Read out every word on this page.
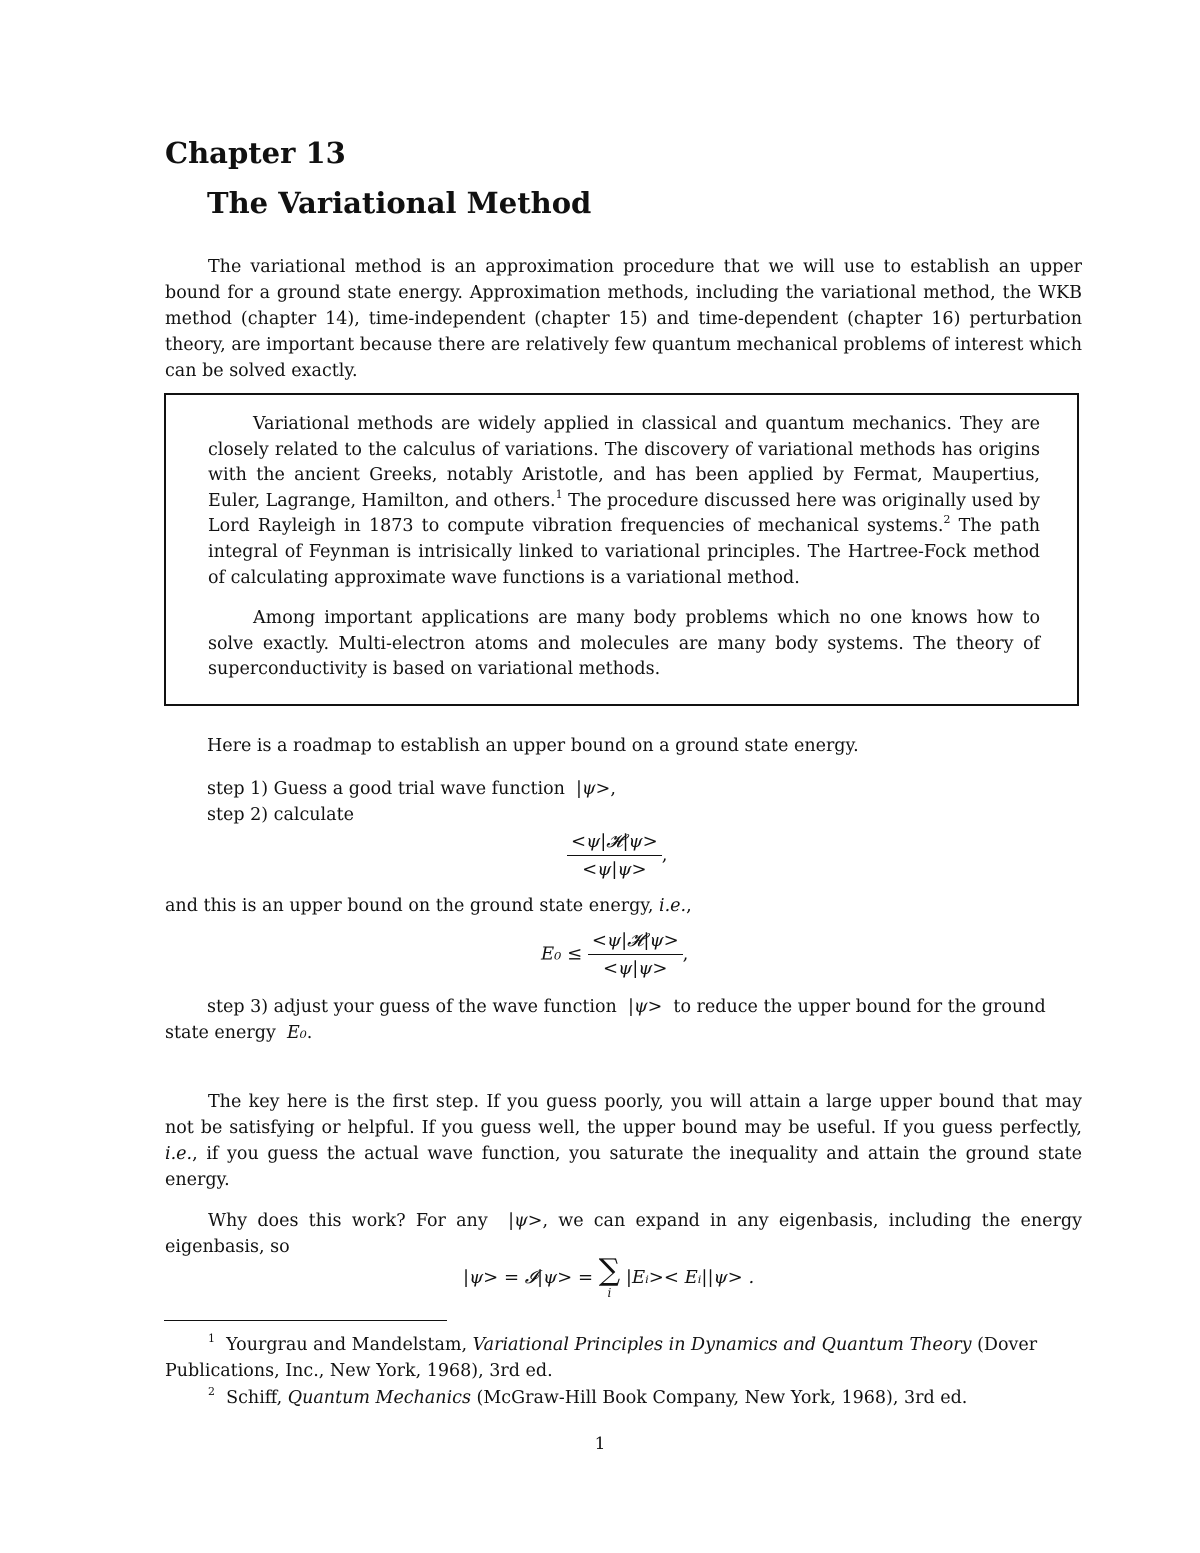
Chapter 13
The Variational Method

The variational method is an approximation procedure that we will use to establish an upper bound for a ground state energy. Approximation methods, including the variational method, the WKB method (chapter 14), time-independent (chapter 15) and time-dependent (chapter 16) perturbation theory, are important because there are relatively few quantum mechanical problems of interest which can be solved exactly.

Variational methods are widely applied in classical and quantum mechanics. They are closely related to the calculus of variations. The discovery of variational methods has origins with the ancient Greeks, notably Aristotle, and has been applied by Fermat, Maupertius, Euler, Lagrange, Hamilton, and others.$^1$ The procedure discussed here was originally used by Lord Rayleigh in 1873 to compute vibration frequencies of mechanical systems.$^2$ The path integral of Feynman is intrisically linked to variational principles. The Hartree-Fock method of calculating approximate wave functions is a variational method.

Among important applications are many body problems which no one knows how to solve exactly. Multi-electron atoms and molecules are many body systems. The theory of superconductivity is based on variational methods.

Here is a roadmap to establish an upper bound on a ground state energy.
step 1) Guess a good trial wave function |ψ>,
step 2) calculate
$\frac{\text{<ψ|𝓗|ψ>}}{<\psi|\psi>}$ ,
and this is an upper bound on the ground state energy, i.e.,
$E_0 \le \frac{\text{<ψ|𝓗|ψ>}}{<\psi|\psi>}$ ,
step 3) adjust your guess of the wave function |ψ> to reduce the upper bound for the ground
state energy E₀.

The key here is the first step. If you guess poorly, you will attain a large upper bound that may not be satisfying or helpful. If you guess well, the upper bound may be useful. If you guess perfectly, i.e., if you guess the actual wave function, you saturate the inequality and attain the ground state energy.

Why does this work? For any |ψ>, we can expand in any eigenbasis, including the energy eigenbasis, so

|ψ> = 𝓘|ψ> = ∑
i
|Eᵢ>< Eᵢ||ψ> .

$^1$ Yourgrau and Mandelstam, Variational Principles in Dynamics and Quantum Theory (Dover Publications, Inc., New York, 1968), 3rd ed.

$^2$ Schiff, Quantum Mechanics (McGraw-Hill Book Company, New York, 1968), 3rd ed.

1
